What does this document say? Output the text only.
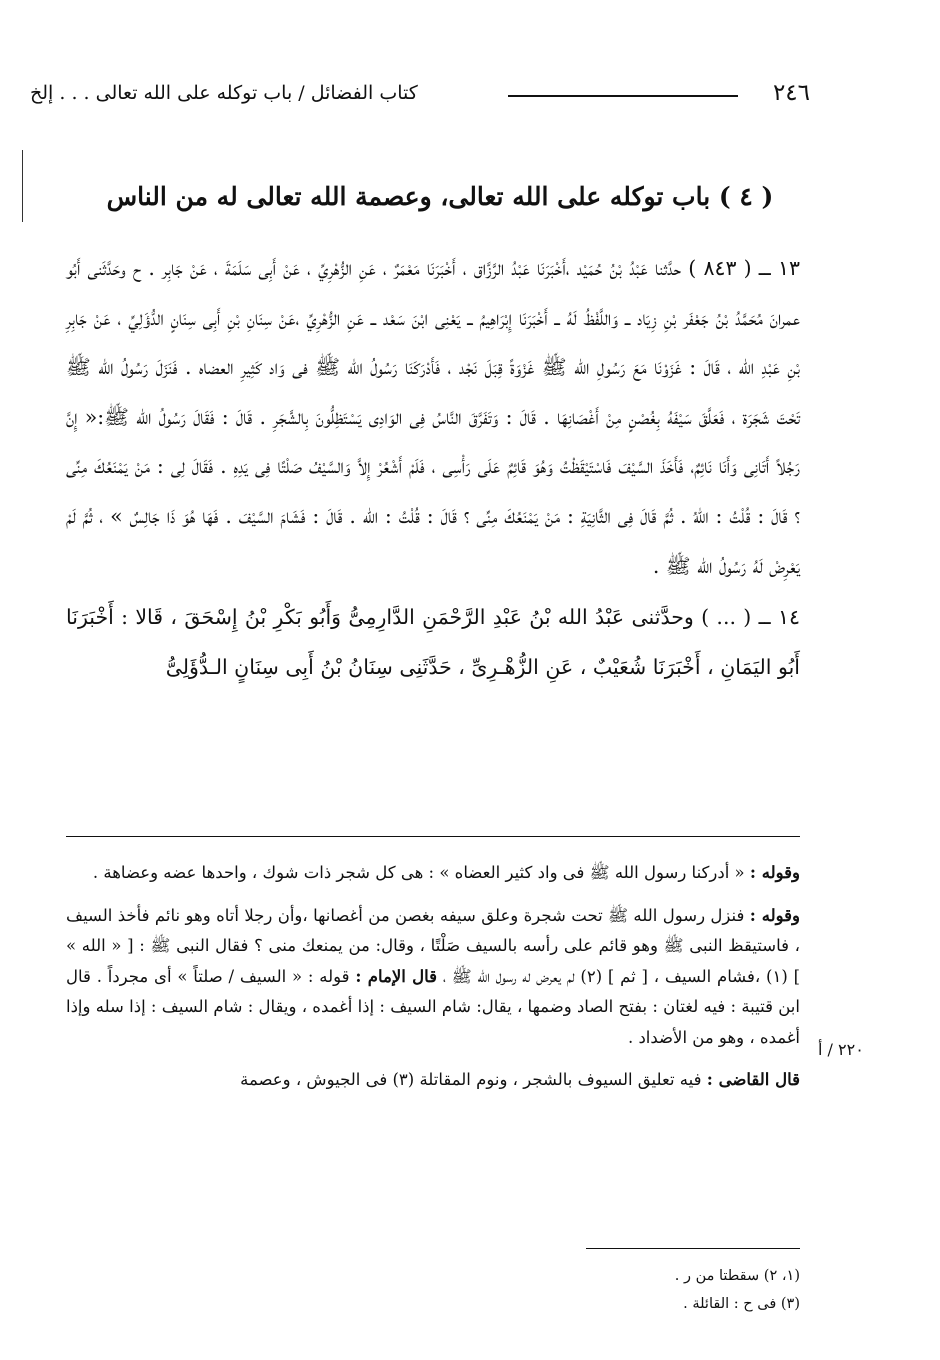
٢٤٦
كتاب الفضائل / باب توكله على الله تعالى . . . إلخ
( ٤ ) باب توكله على الله تعالى، وعصمة الله تعالى له من الناس

١٣ ــ ( ٨٤٣ ) حدَّثنا عَبْدُ بْنُ حُمَيْد ،أَخْبَرَنَا عَبْدُ الرَّزَّاق ، أَخْبَرَنَا مَعْمَرٌ ، عَنِ الزُّهْرِيِّ ، عَنْ أَبِى سَلَمَةَ ، عَنْ جَابِر . ح وحَدَّثَنى أَبُو عمرانَ مُحَمَّدُ بْنُ جَعْفَر بْنِ زِيَاد ــ وَاللَّفْظُ لَهُ ــ أَخْبَرَنَا إِبْرَاهِيمُ ــ يَعْنِى ابْنَ سَعْد ــ عَنِ الزُّهْرِيِّ ،عَنْ سِنَانِ بْنِ أَبِى سِنَانٍ الدُّؤَلِيِّ ، عَنْ جَابِرِ بْنِ عَبْدِ الله ، قَالَ : غَزَوْنَا مَعَ رَسُولِ الله ﷺ غَزْوَةً قِبَلَ نَجْد ، فَأَدْرَكَنَا رَسُولُ الله ﷺ فى وَاد كَثِيرِ العضاه . فَنَزَلَ رَسُولُ الله ﷺ تَحْتَ شَجَرَة ، فَعَلَّقَ سَيْفَهُ بِغُصْنٍ مِنْ أَغْصَانِهَا . قَالَ : وَتَفَرَّقَ النَّاسُ فِى الوَادِى يَسْتَظِلُّونَ بِالشَّجَرِ . قَالَ : فَقَالَ رَسُولُ الله ﷺ:« إِنَّ رَجُلاً أَتَانِى وَأَنَا نَائِمٌ، فَأَخَذَ السَّيْفَ فَاسْتَيْقَظْتُ وَهُوَ قَائِمٌ عَلَى رَأْسِى ، فَلَمْ أَشْعُرْ إِلاَّ وَالسَّيْفُ صَلْتًا فِى يَدِهِ . فَقَالَ لِى : مَنْ يَمْنَعُكَ مِنِّى ؟ قَالَ : قُلْتُ : اللهُ . ثُمَّ قَالَ فِى الثَّانِيَةِ : مَنْ يَمْنَعُكَ مِنِّى ؟ قَالَ : قُلْتُ : الله . قَالَ : فَشَامَ السَّيْفَ . فَهَا هُوَ ذَا جَالِسٌ » ، ثُمَّ لَمْ يَعْرِضْ لَهُ رَسُولُ الله ﷺ .

١٤ ــ ( ... ) وحدَّثنى عَبْدُ الله بْنُ عَبْدِ الرَّحْمَنِ الدَّارِمِىُّ وَأَبُو بَكْرِ بْنُ إِسْحَقَ ، قَالا : أَخْبَرَنَا أَبُو اليَمَانِ ، أَخْبَرَنَا شُعَيْبٌ ، عَنِ الزُّهْـرِىِّ ، حَدَّثَنِى سِنَانُ بْنُ أَبِى سِنَانٍ الـدُّؤَلِىُّ

وقوله : « أدركنا رسول الله ﷺ فى واد كثير العضاه » : هى كل شجر ذات شوك ، واحدها عضه وعضاهة .

وقوله : فنزل رسول الله ﷺ تحت شجرة وعلق سيفه بغصن من أغصانها ،وأن رجلا أتاه وهو نائم فأخذ السيف ، فاستيقظ النبى ﷺ وهو قائم على رأسه بالسيف صَلْتًا ، وقال: من يمنعك منى ؟ فقال النبى ﷺ : [ « الله » ] (١) ،فشام السيف ، [ ثم ] (٢) لم يعرض له رسول الله ﷺ ، قال الإمام : قوله : « السيف / صلتاً » أى مجرداً . قال ابن قتيبة : فيه لغتان : بفتح الصاد وضمها ، يقال: شام السيف : إذا أغمده ، ويقال : شام السيف : إذا سله وإذا أغمده ، وهو من الأضداد .

قال القاضى : فيه تعليق السيوف بالشجر ، ونوم المقاتلة (٣) فى الجيوش ، وعصمة

٢٢٠ / أ
(١، ٢) سقطتا من ر .
(٣) فى ح : القائلة .
